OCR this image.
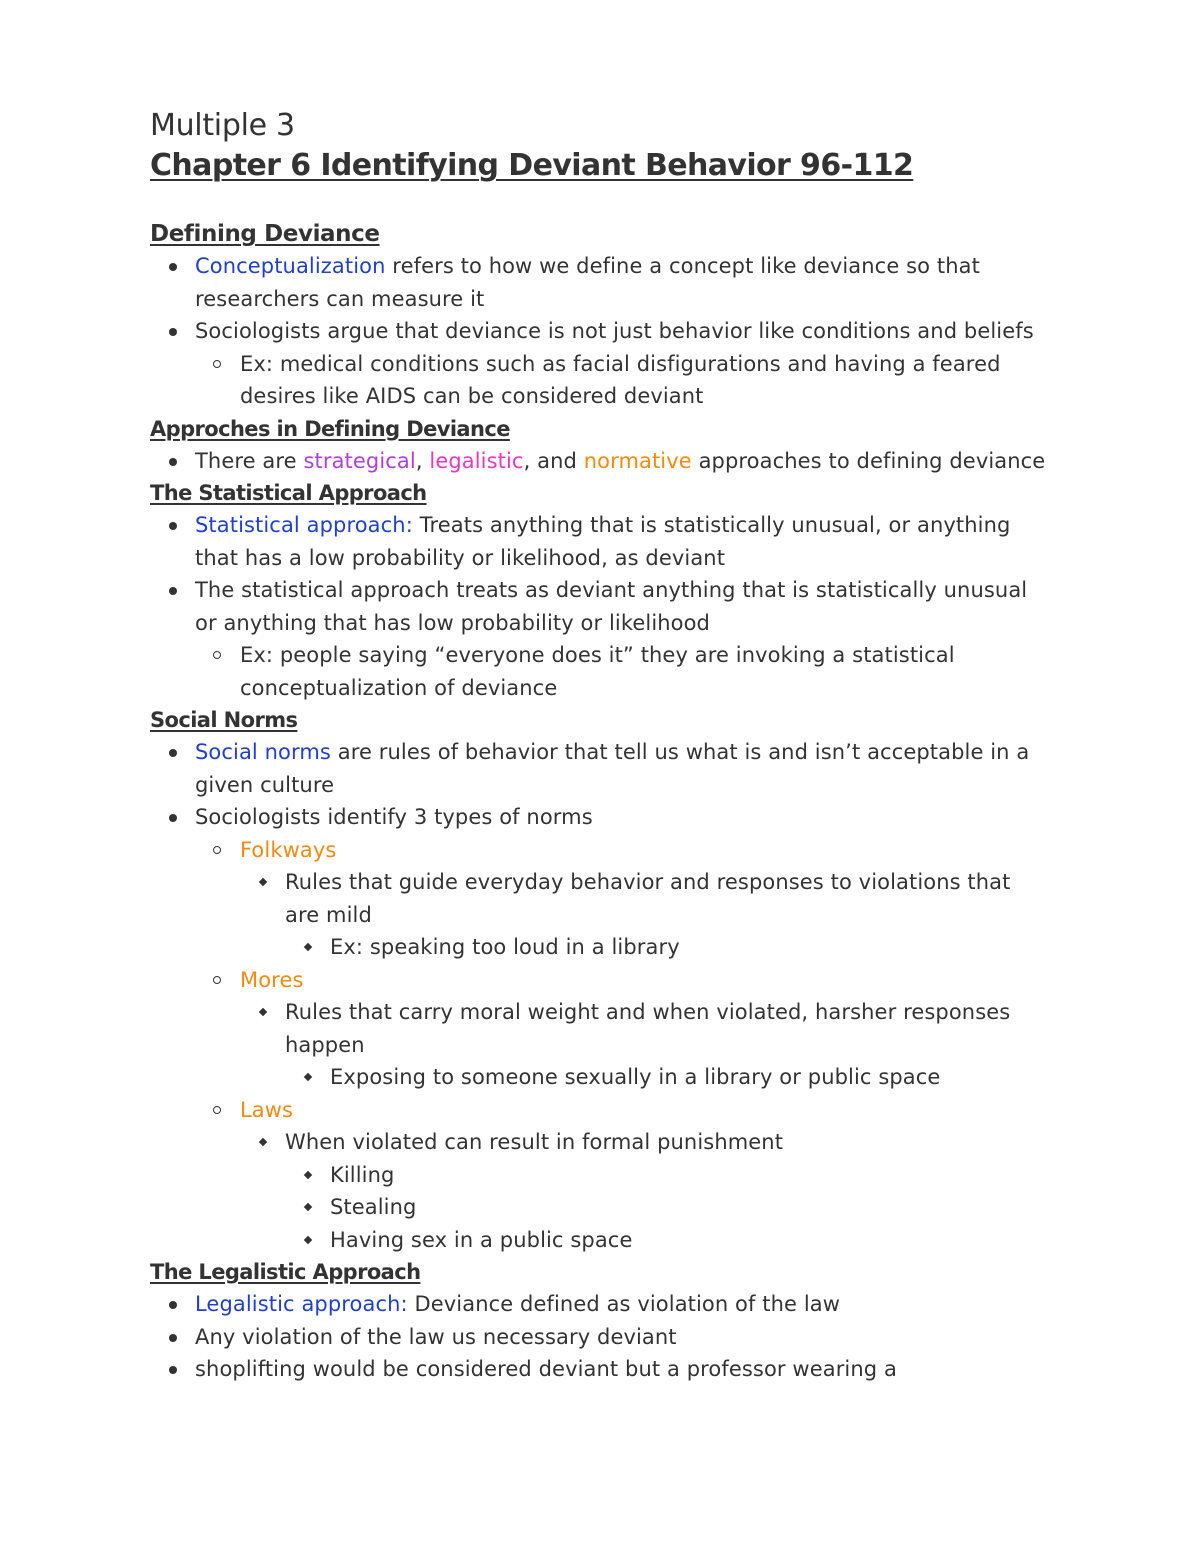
Multiple 3
Chapter 6 Identifying Deviant Behavior 96-112
Defining Deviance
Conceptualization refers to how we define a concept like deviance so that researchers can measure it
Sociologists argue that deviance is not just behavior like conditions and beliefs
Ex: medical conditions such as facial disfigurations and having a feared desires like AIDS can be considered deviant
Approches in Defining Deviance
There are strategical, legalistic, and normative approaches to defining deviance
The Statistical Approach
Statistical approach: Treats anything that is statistically unusual, or anything that has a low probability or likelihood, as deviant
The statistical approach treats as deviant anything that is statistically unusual or anything that has low probability or likelihood
Ex: people saying “everyone does it” they are invoking a statistical conceptualization of deviance
Social Norms
Social norms are rules of behavior that tell us what is and isn’t acceptable in a given culture
Sociologists identify 3 types of norms
Folkways
Rules that guide everyday behavior and responses to violations that are mild
Ex: speaking too loud in a library
Mores
Rules that carry moral weight and when violated, harsher responses happen
Exposing to someone sexually in a library or public space
Laws
When violated can result in formal punishment
Killing
Stealing
Having sex in a public space
The Legalistic Approach
Legalistic approach: Deviance defined as violation of the law
Any violation of the law us necessary deviant
shoplifting would be considered deviant but a professor wearing a
